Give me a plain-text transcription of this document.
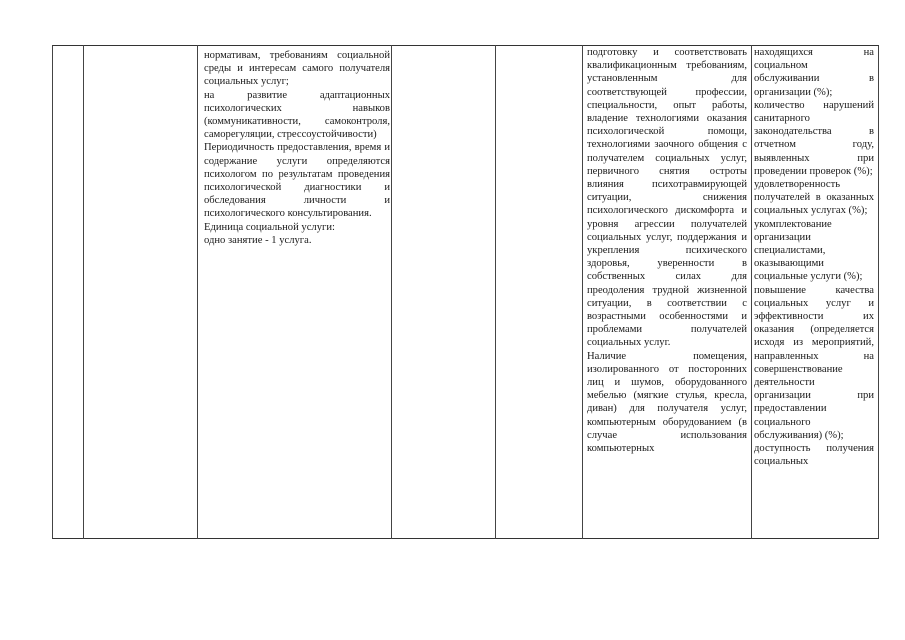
нормативам, требованиям социальной среды и интересам самого получателя социальных услуг;

на развитие адаптационных психологических навыков (коммуникативности, самоконтроля, саморегуляции, стрессоустойчивости)

Периодичность предоставления, время и содержание услуги определяются психологом по результатам проведения психологической диагностики и обследования личности и психологического консультирования.

Единица социальной услуги:

одно занятие - 1 услуга.

подготовку и соответствовать квалификационным требованиям, установленным для соответствующей профессии, специальности, опыт работы, владение технологиями оказания психологической помощи, технологиями заочного общения с получателем социальных услуг, первичного снятия остроты влияния психотравмирующей ситуации, снижения психологического дискомфорта и уровня агрессии получателей социальных услуг, поддержания и укрепления психического здоровья, уверенности в собственных силах для преодоления трудной жизненной ситуации, в соответствии с возрастными особенностями и проблемами получателей социальных услуг.

Наличие помещения, изолированного от посторонних лиц и шумов, оборудованного мебелью (мягкие стулья, кресла, диван) для получателя услуг, компьютерным оборудованием (в случае использования компьютерных

находящихся на социальном обслуживании в организации (%);

количество нарушений санитарного законодательства в отчетном году, выявленных при проведении проверок (%);

удовлетворенность получателей в оказанных социальных услугах (%);

укомплектование организации специалистами, оказывающими социальные услуги (%);

повышение качества социальных услуг и эффективности их оказания (определяется исходя из мероприятий, направленных на совершенствование деятельности организации при предоставлении социального обслуживания) (%);

доступность получения социальных
